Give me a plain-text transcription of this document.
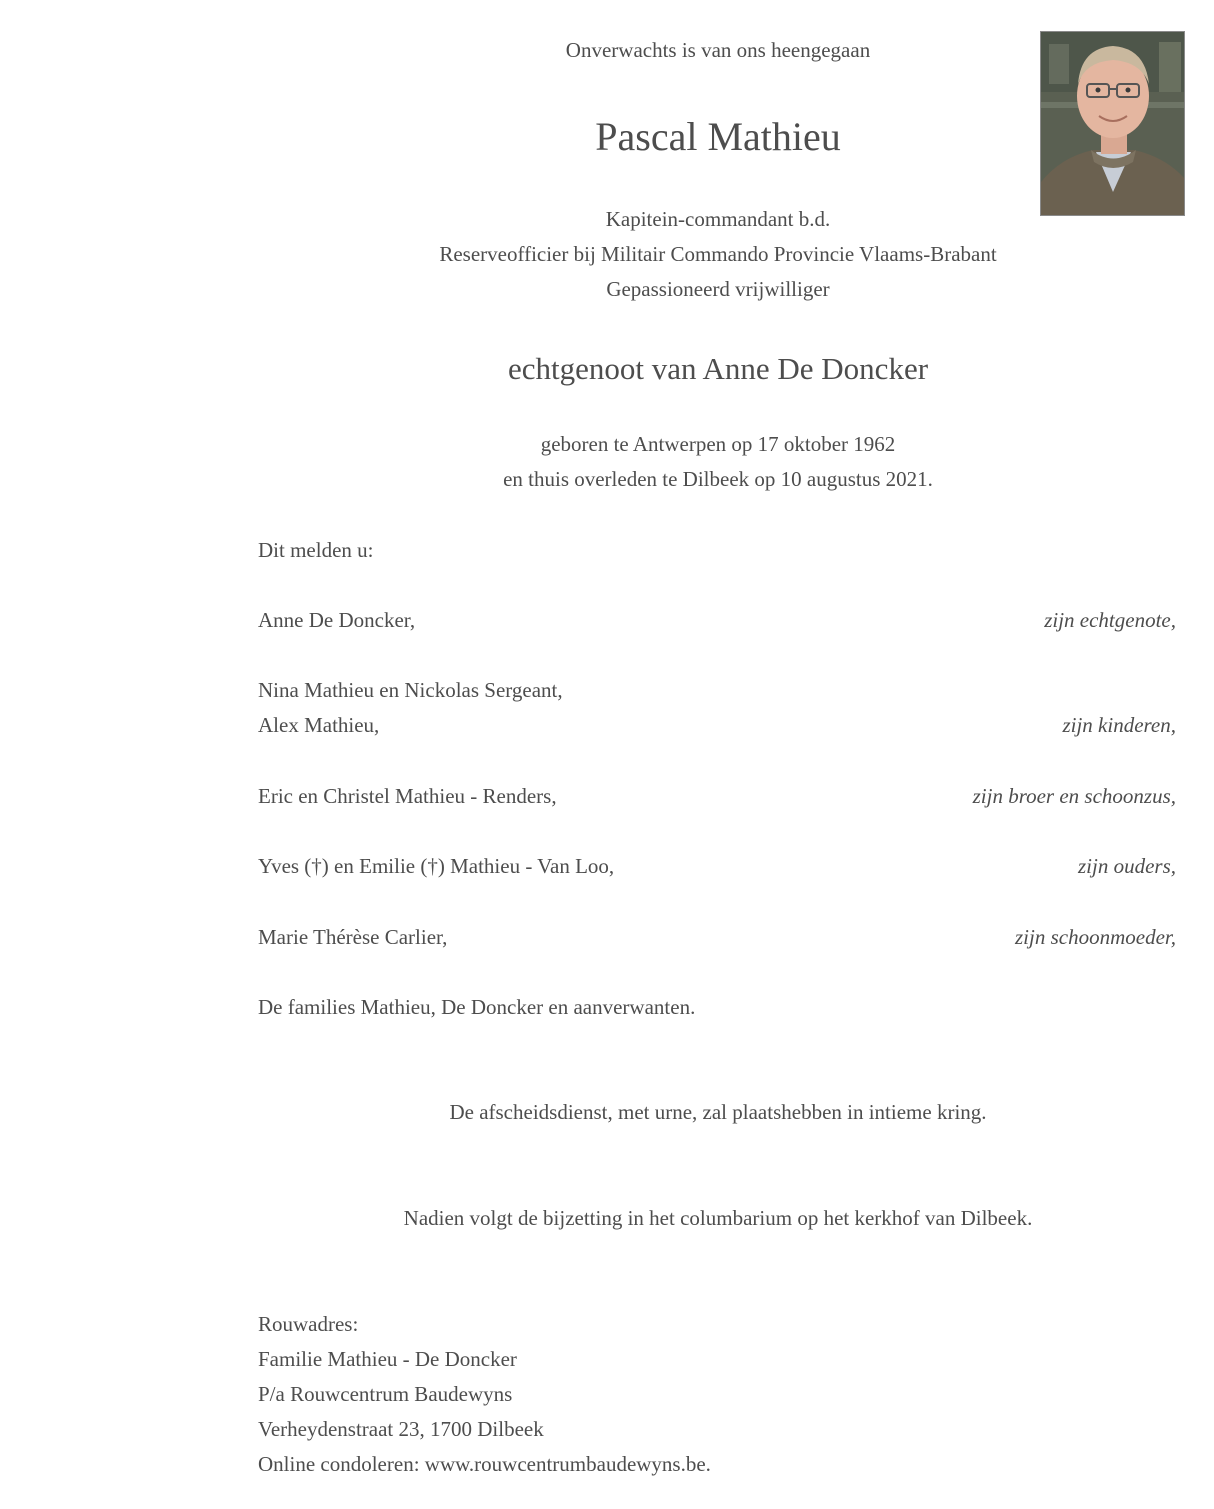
Onverwachts is van ons heengegaan
Pascal Mathieu
Kapitein-commandant b.d.
Reserveofficier bij Militair Commando Provincie Vlaams-Brabant
Gepassioneerd vrijwilliger
echtgenoot van Anne De Doncker
geboren te Antwerpen op 17 oktober 1962
en thuis overleden te Dilbeek op 10 augustus 2021.
Dit melden u:
Anne De Doncker,	zijn echtgenote,
Nina Mathieu en Nickolas Sergeant,
Alex Mathieu,	zijn kinderen,
Eric en Christel Mathieu - Renders,	zijn broer en schoonzus,
Yves (†) en Emilie (†) Mathieu - Van Loo,	zijn ouders,
Marie Thérèse Carlier,	zijn schoonmoeder,
De families Mathieu, De Doncker en aanverwanten.
De afscheidsdienst, met urne, zal plaatshebben in intieme kring.
Nadien volgt de bijzetting in het columbarium op het kerkhof van Dilbeek.
Rouwadres:
Familie Mathieu - De Doncker
P/a Rouwcentrum Baudewyns
Verheydenstraat 23, 1700 Dilbeek
Online condoleren: www.rouwcentrumbaudewyns.be.
